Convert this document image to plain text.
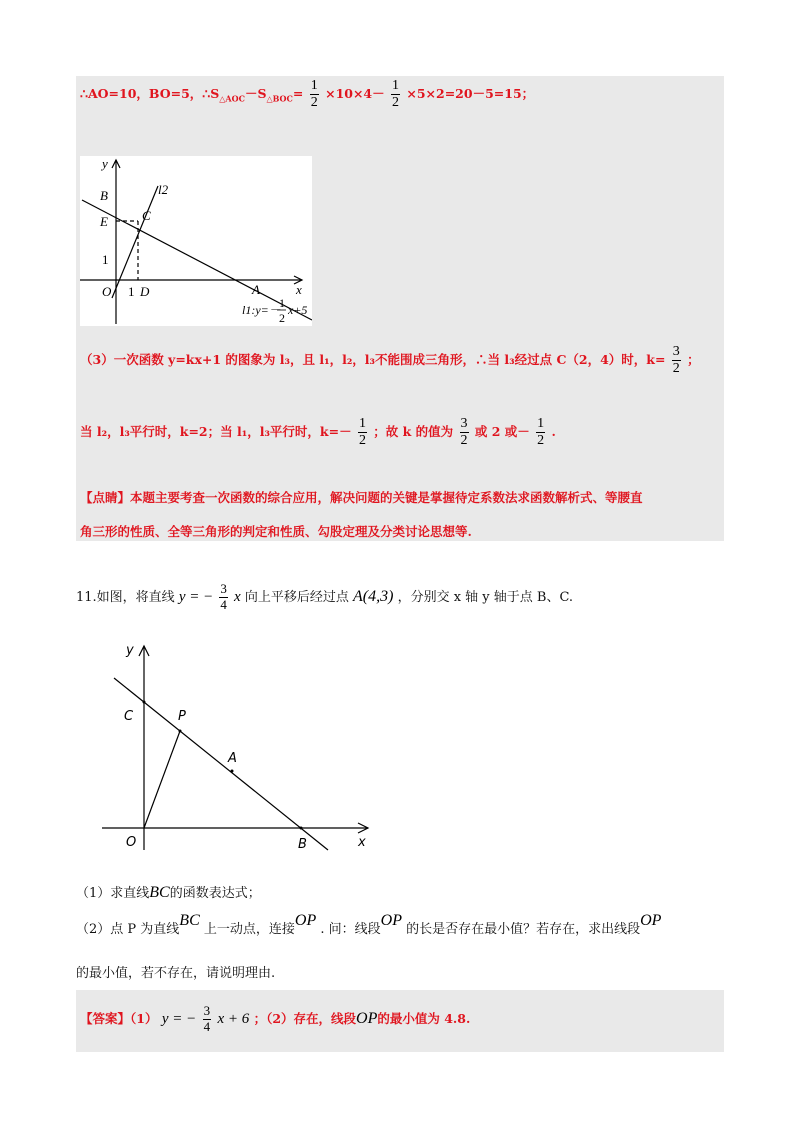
∴AO=10，BO=5，$\therefore S_{\triangle AOC}-S_{\triangle BOC}= \frac{1}{2} \times 10\times 4- \frac{1}{2} \times 5\times 2=20-5=15$；
（3）一次函数 y=kx+1 的图象为 l₃，且 l₁，l₂，l₃不能围成三角形，∴当 l₃经过点 C（2，4）时，$k= \frac{3}{2}$ ；
当 l₂，l₃平行时，k=2；当 l₁，l₃平行时，$k=- \frac{1}{2}$ ；故 k 的值为 $\frac{3}{2}$ 或 2 或－ $\frac{1}{2}$ .
【点睛】本题主要考查一次函数的综合应用，解决问题的关键是掌握待定系数法求函数解析式、等腰直
角三形的性质、全等三角形的判定和性质、勾股定理及分类讨论思想等.
y
x
B
E	C
O D	A
l2
1
1
l1:y=－
1
2
x+5
11.如图，将直线 y = − $\frac{3}{4}$ x 向上平移后经过点 A(4,3) ，分别交 x 轴 y 轴于点 B、C.
y
x
C	P
A
O	B
（1）求直线BC的函数表达式；
（2）点 P 为直线BC 上一动点，连接OP . 问：线段OP 的长是否存在最小值？若存在，求出线段OP
的最小值，若不存在，请说明理由.
【答案】（1） y = − $\frac{3}{4}$ x + 6 ；（2）存在，线段OP的最小值为 4.8.
